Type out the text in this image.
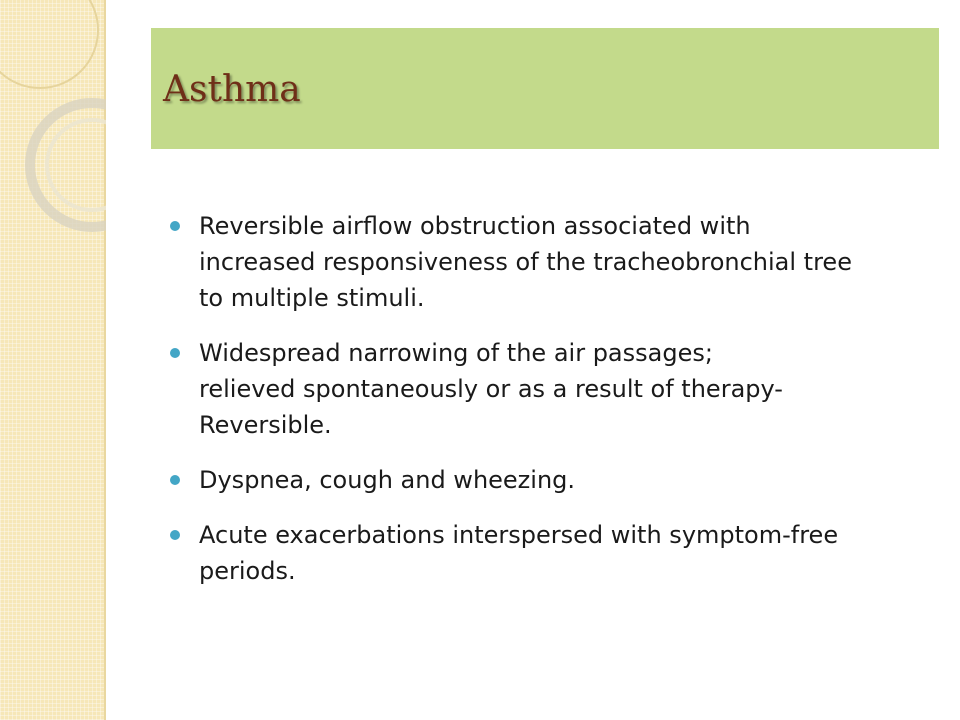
Asthma
Reversible airflow obstruction associated with
increased responsiveness of the tracheobronchial tree
to multiple stimuli.
Widespread narrowing of the air passages;
relieved spontaneously or as a result of therapy-
Reversible.
Dyspnea, cough and wheezing.
Acute exacerbations interspersed with symptom-free
periods.
